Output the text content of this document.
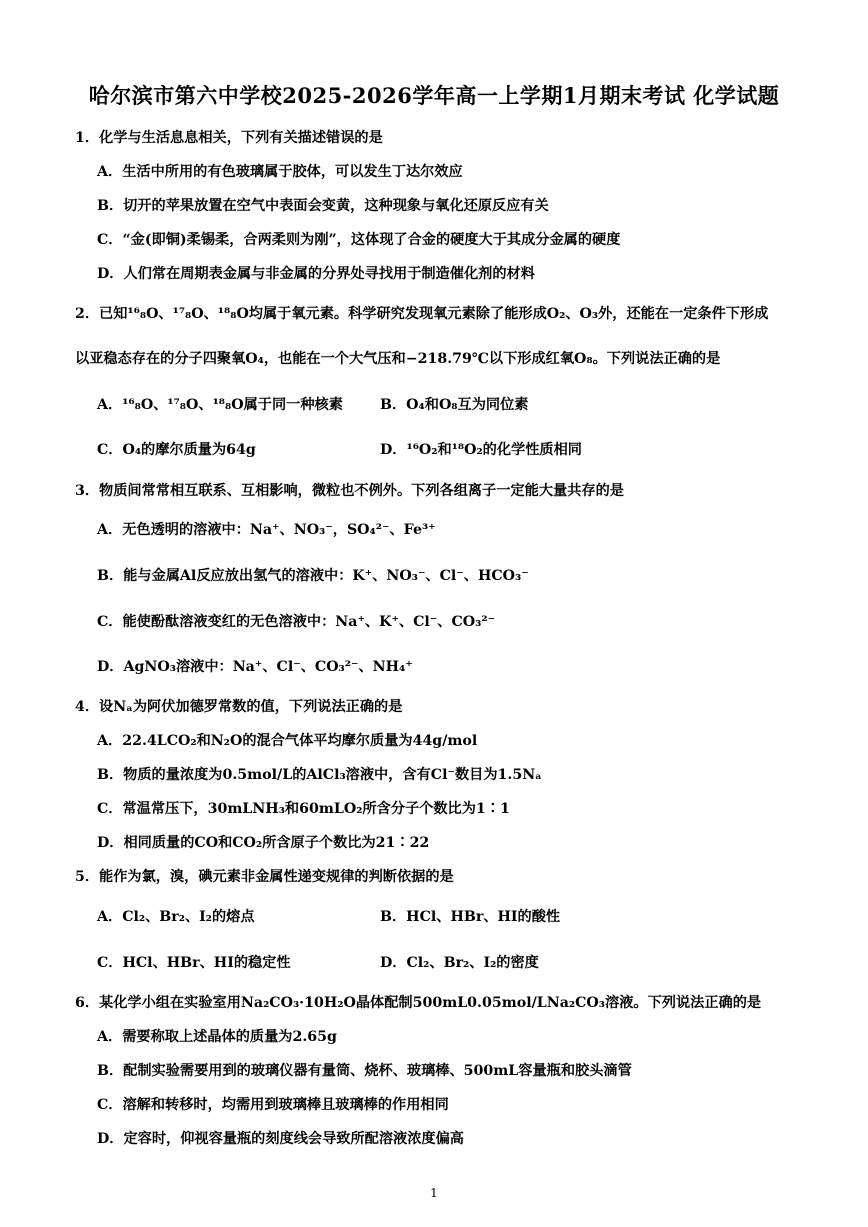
哈尔滨市第六中学校2025-2026学年高一上学期1月期末考试 化学试题
1．化学与生活息息相关，下列有关描述错误的是
A．生活中所用的有色玻璃属于胶体，可以发生丁达尔效应
B．切开的苹果放置在空气中表面会变黄，这种现象与氧化还原反应有关
C．“金(即铜)柔锡柔，合两柔则为刚”，这体现了合金的硬度大于其成分金属的硬度
D．人们常在周期表金属与非金属的分界处寻找用于制造催化剂的材料
2．已知¹⁶₈O、¹⁷₈O、¹⁸₈O均属于氧元素。科学研究发现氧元素除了能形成O₂、O₃外，还能在一定条件下形成
以亚稳态存在的分子四聚氧O₄，也能在一个大气压和−218.79℃以下形成红氧O₈。下列说法正确的是
A．¹⁶₈O、¹⁷₈O、¹⁸₈O属于同一种核素	B．O₄和O₈互为同位素
C．O₄的摩尔质量为64g	D．¹⁶O₂和¹⁸O₂的化学性质相同
3．物质间常常相互联系、互相影响，微粒也不例外。下列各组离子一定能大量共存的是
A．无色透明的溶液中：Na⁺、NO₃⁻，SO₄²⁻、Fe³⁺
B．能与金属Al反应放出氢气的溶液中：K⁺、NO₃⁻、Cl⁻、HCO₃⁻
C．能使酚酞溶液变红的无色溶液中：Na⁺、K⁺、Cl⁻、CO₃²⁻
D．AgNO₃溶液中：Na⁺、Cl⁻、CO₃²⁻、NH₄⁺
4．设Nₐ为阿伏加德罗常数的值，下列说法正确的是
A．22.4LCO₂和N₂O的混合气体平均摩尔质量为44g/mol
B．物质的量浓度为0.5mol/L的AlCl₃溶液中，含有Cl⁻数目为1.5Nₐ
C．常温常压下，30mLNH₃和60mLO₂所含分子个数比为1∶1
D．相同质量的CO和CO₂所含原子个数比为21∶22
5．能作为氯，溴，碘元素非金属性递变规律的判断依据的是
A．Cl₂、Br₂、I₂的熔点	B．HCl、HBr、HI的酸性
C．HCl、HBr、HI的稳定性	D．Cl₂、Br₂、I₂的密度
6．某化学小组在实验室用Na₂CO₃·10H₂O晶体配制500mL0.05mol/LNa₂CO₃溶液。下列说法正确的是
A．需要称取上述晶体的质量为2.65g
B．配制实验需要用到的玻璃仪器有量筒、烧杯、玻璃棒、500mL容量瓶和胶头滴管
C．溶解和转移时，均需用到玻璃棒且玻璃棒的作用相同
D．定容时，仰视容量瓶的刻度线会导致所配溶液浓度偏高
1
